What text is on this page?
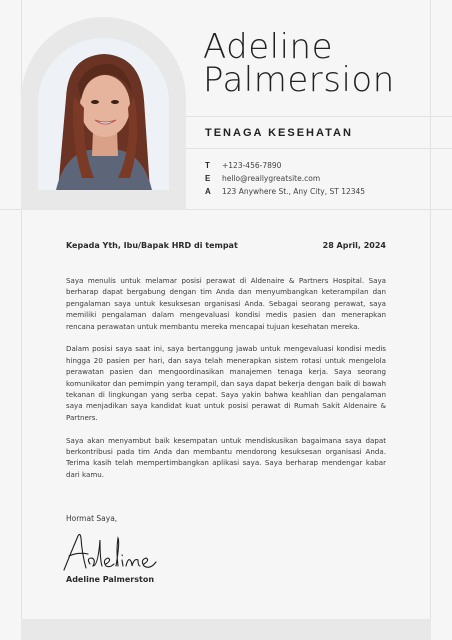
Adeline
Palmersion
TENAGA KESEHATAN
T	+123-456-7890
E	hello@reallygreatsite.com
A	123 Anywhere St., Any City, ST 12345
Kepada Yth, Ibu/Bapak HRD di tempat	28 April, 2024

Saya menulis untuk melamar posisi perawat di Aldenaire & Partners Hospital. Saya berharap dapat bergabung dengan tim Anda dan menyumbangkan keterampilan dan pengalaman saya untuk kesuksesan organisasi Anda. Sebagai seorang perawat, saya memiliki pengalaman dalam mengevaluasi kondisi medis pasien dan menerapkan rencana perawatan untuk membantu mereka mencapai tujuan kesehatan mereka.

Dalam posisi saya saat ini, saya bertanggung jawab untuk mengevaluasi kondisi medis hingga 20 pasien per hari, dan saya telah menerapkan sistem rotasi untuk mengelola perawatan pasien dan mengoordinasikan manajemen tenaga kerja. Saya seorang komunikator dan pemimpin yang terampil, dan saya dapat bekerja dengan baik di bawah tekanan di lingkungan yang serba cepat. Saya yakin bahwa keahlian dan pengalaman saya menjadikan saya kandidat kuat untuk posisi perawat di Rumah Sakit Aldenaire & Partners.

Saya akan menyambut baik kesempatan untuk mendiskusikan bagaimana saya dapat berkontribusi pada tim Anda dan membantu mendorong kesuksesan organisasi Anda. Terima kasih telah mempertimbangkan aplikasi saya. Saya berharap mendengar kabar dari kamu.

Hormat Saya,
Adeline Palmerston
